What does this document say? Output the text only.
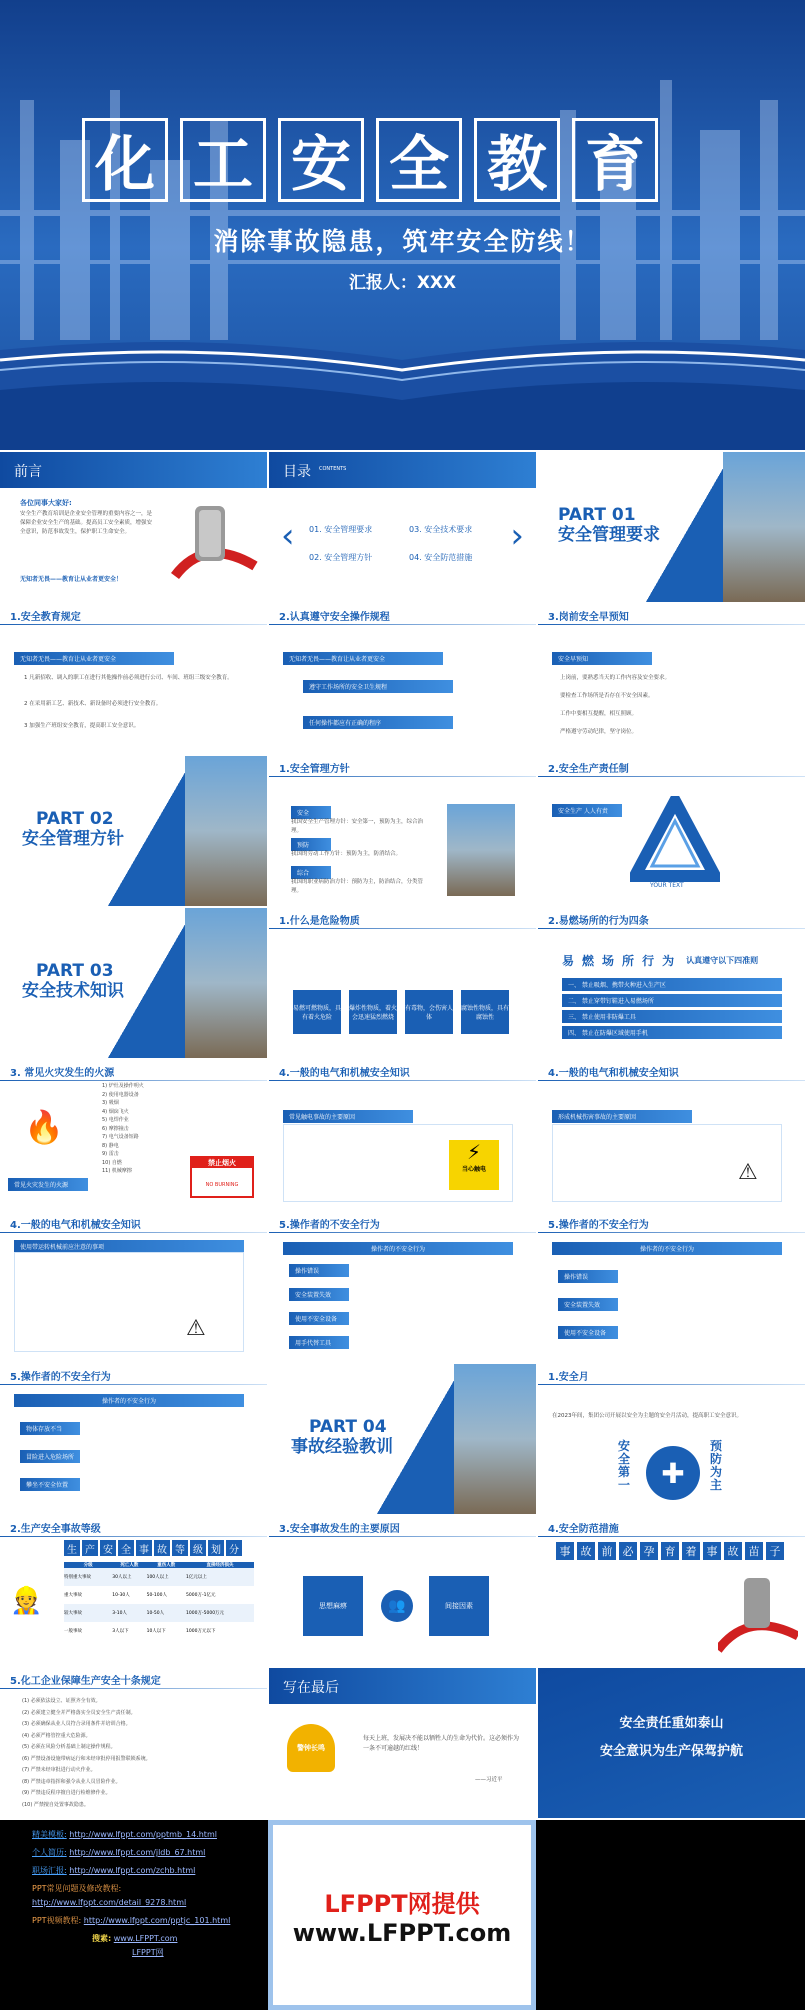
化 工 安 全 教 育
消除事故隐患，筑牢安全防线！
汇报人：XXX
前言
各位同事大家好:
安全生产教育培训是企业安全管理的重要内容之一，是保障企业安全生产的基础。提高员工安全素质，增强安全意识，防范事故发生，保护职工生命安全。
无知者无畏——教育让从业者更安全！
目录 CONTENTS
‹	›
01. 安全管理要求	03. 安全技术要求
02. 安全管理方针	04. 安全防范措施
PART 01
安全管理要求
1.安全教育规定
无知者无畏——教育让从业者更安全
1 凡新招收、调入的职工在进行其他操作前必须进行公司、车间、班组三级安全教育。
2 在采用新工艺、新技术、新设备时必须进行安全教育。
3 加强生产班组安全教育，提高职工安全意识。
2.认真遵守安全操作规程
无知者无畏——教育让从业者更安全
遵守工作场所的安全卫生规程
任何操作都应有正确的程序
3.岗前安全早预知
安全早预知
上岗前，要熟悉当天的工作内容及安全要求。
要检查工作场所是否存在不安全因素。
工作中要相互提醒，相互照顾。
严格遵守劳动纪律，坚守岗位。
PART 02
安全管理方针
1.安全管理方针
安全
我国安全生产管理方针：安全第一，预防为主，综合治理。
预防
我国的劳动工作方针：预防为主，防消结合。
综合
我国的职业病防治方针：预防为主，防治结合，分类管理。
2.安全生产责任制
安全生产 人人有责
YOUR TEXT
PART 03
安全技术知识
1.什么是危险物质
易燃可燃物质，具有着火危险
爆炸性物质，着火会迅速猛烈燃烧
有毒物，会伤害人体
腐蚀性物质，具有腐蚀性
2.易燃场所的行为四条
易 燃 场 所 行 为 认真遵守以下四准则
一、 禁止吸烟、携带火种进入生产区
二、 禁止穿带钉鞋进入易燃场所
三、 禁止使用非防爆工具
四、 禁止在防爆区域使用手机
3. 常见火灾发生的火源
🔥
常见火灾发生的火源
1) 炉灶及操作明火
2) 使用电器设备
3) 吸烟
4) 烟囱飞火
5) 电焊作业
6) 摩擦撞击
7) 电气设备短路
8) 静电
9) 雷击
10) 自燃
11) 机械摩擦
禁止烟火
NO BURNING
4.一般的电气和机械安全知识
常见触电事故的主要原因
⚡
当心触电
4.一般的电气和机械安全知识
形成机械伤害事故的主要原因
⚠
4.一般的电气和机械安全知识
使用带运转机械前应注意的事项
⚠
5.操作者的不安全行为
操作者的不安全行为
操作错误
安全装置失效
使用不安全设备
用手代替工具
5.操作者的不安全行为
操作者的不安全行为
操作错误
安全装置失效
使用不安全设备
5.操作者的不安全行为
操作者的不安全行为
物体存放不当
冒险进入危险场所
攀坐不安全位置
PART 04
事故经验教训
1.安全月
在2023年间，集团公司开展以安全为主题的安全月活动，提高职工安全意识。
安全第一	✚
预防为主
2.生产安全事故等级
生 产 安 全 事 故 等 级 划 分
👷
分级	死亡人数	重伤人数	直接经济损失
特别重大事故	30人以上	100人以上	1亿元以上
重大事故	10-30人	50-100人	5000万-1亿元
较大事故	3-10人	10-50人	1000万-5000万元
一般事故	3人以下	10人以下	1000万元以下
3.安全事故发生的主要原因
思想麻痹	👥	间接因素
4.安全防范措施
事 故 前 必 孕 育 着 事 故 苗 子
5.化工企业保障生产安全十条规定
(1) 必须依法设立、证照齐全有效。
(2) 必须建立健全并严格落实全员安全生产责任制。
(3) 必须确保从业人员符合录用条件并培训合格。
(4) 必须严格管控重大危险源。
(5) 必须在风险分析基础上制定操作规程。
(6) 严禁设备设施带病运行和未经审批停用报警联锁系统。
(7) 严禁未经审批进行动火作业。
(8) 严禁违章指挥和强令从业人员冒险作业。
(9) 严禁违反程序擅自进行检维修作业。
(10) 严禁擅自处置事故隐患。
写在最后
警钟长鸣
每天上班，发展决不能以牺牲人的生命为代价。这必须作为一条不可逾越的红线！
——习近平
安全责任重如泰山
安全意识为生产保驾护航
精美模板: http://www.lfppt.com/pptmb_14.html
个人简历: http://www.lfppt.com/jldb_67.html
职场汇报: http://www.lfppt.com/zchb.html
PPT常见问题及修改教程:
http://www.lfppt.com/detail_9278.html
PPT视频教程: http://www.lfppt.com/pptjc_101.html
搜素: www.LFPPT.com
LFPPT网
LFPPT网提供
www.LFPPT.com
